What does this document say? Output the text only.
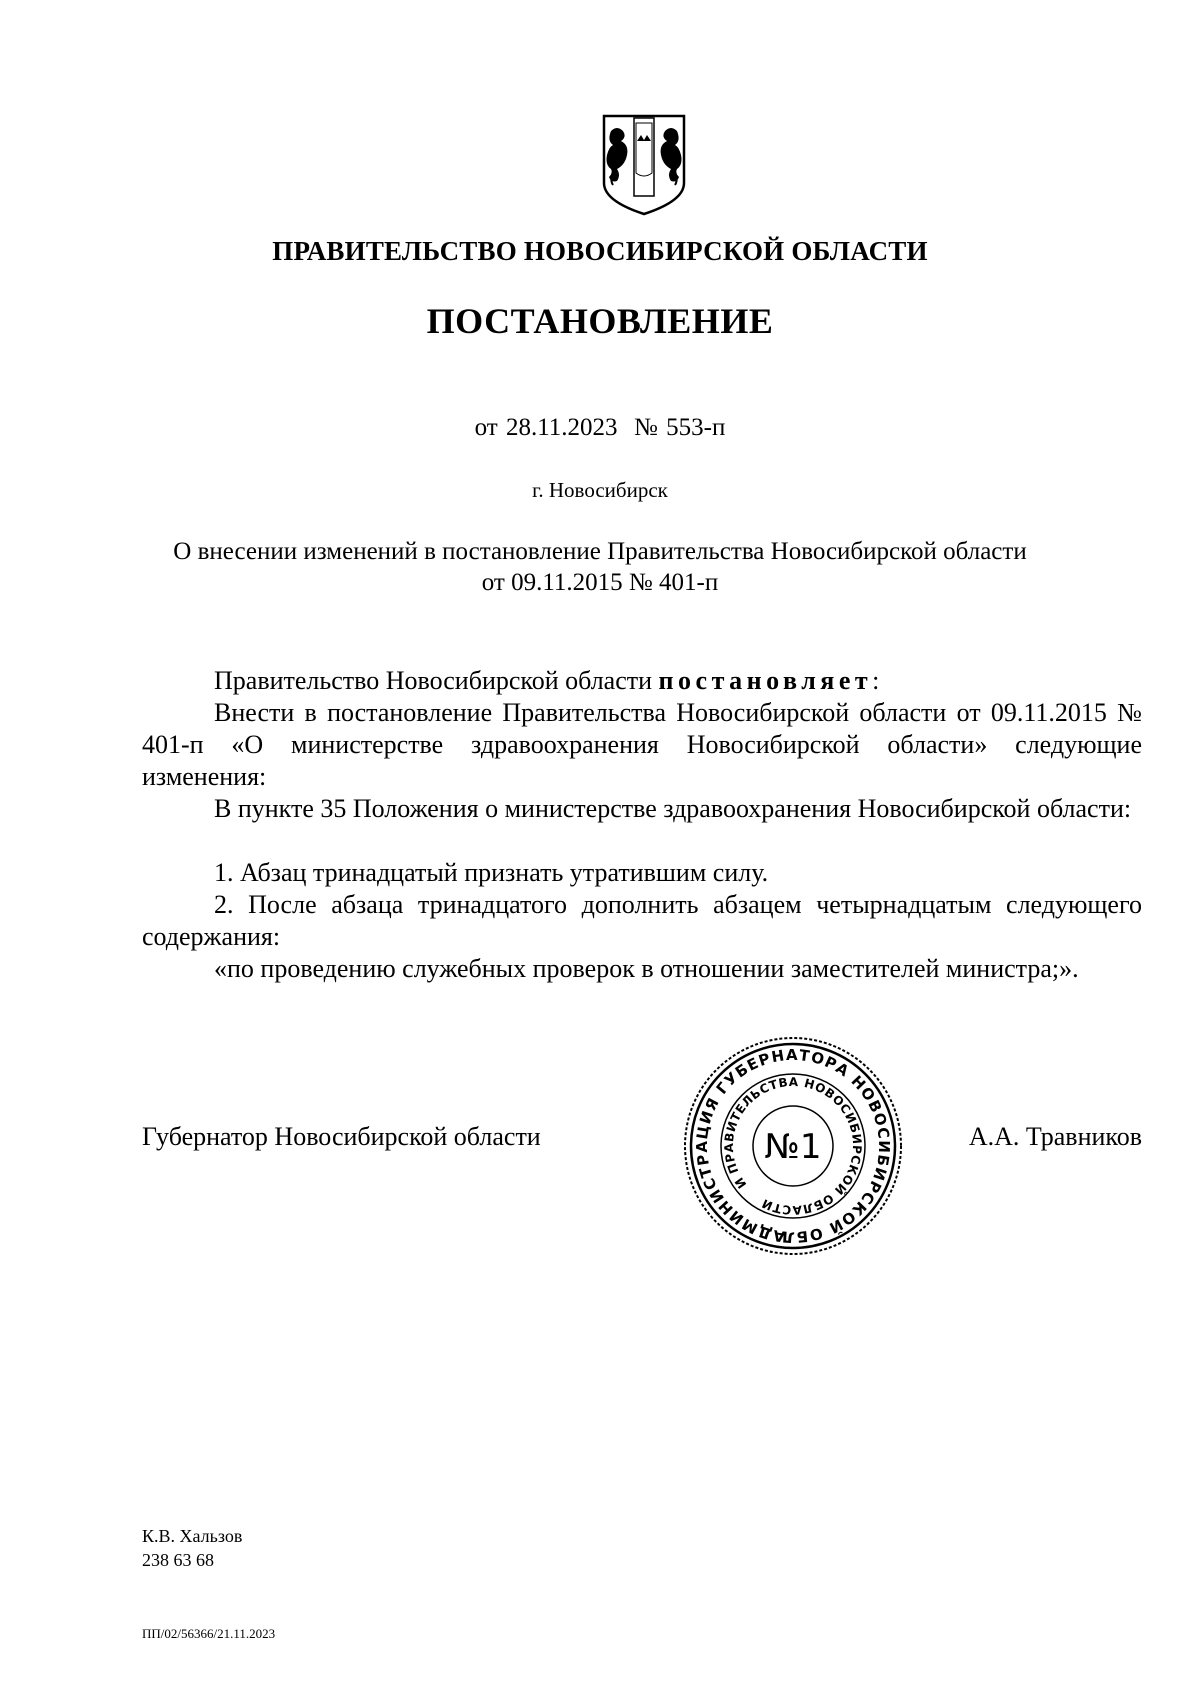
ПРАВИТЕЛЬСТВО НОВОСИБИРСКОЙ ОБЛАСТИ
ПОСТАНОВЛЕНИЕ
от 28.11.2023  № 553-п
г. Новосибирск
О внесении изменений в постановление Правительства Новосибирской области
от 09.11.2015 № 401-п
Правительство Новосибирской области постановляет:
Внести в постановление Правительства Новосибирской области от 09.11.2015 № 401-п «О министерстве здравоохранения Новосибирской области» следующие изменения:
В пункте 35 Положения о министерстве здравоохранения Новосибирской области:
1. Абзац тринадцатый признать утратившим силу.
2. После абзаца тринадцатого дополнить абзацем четырнадцатым следующего содержания:
«по проведению служебных проверок в отношении заместителей министра;».
Губернатор Новосибирской области	А.А. Травников
АДМИНИСТРАЦИЯ ГУБЕРНАТОРА НОВОСИБИРСКОЙ ОБЛАСТИ
И ПРАВИТЕЛЬСТВА НОВОСИБИРСКОЙ ОБЛАСТИ
№1
К.В. Хальзов
238 63 68
ПП/02/56366/21.11.2023
